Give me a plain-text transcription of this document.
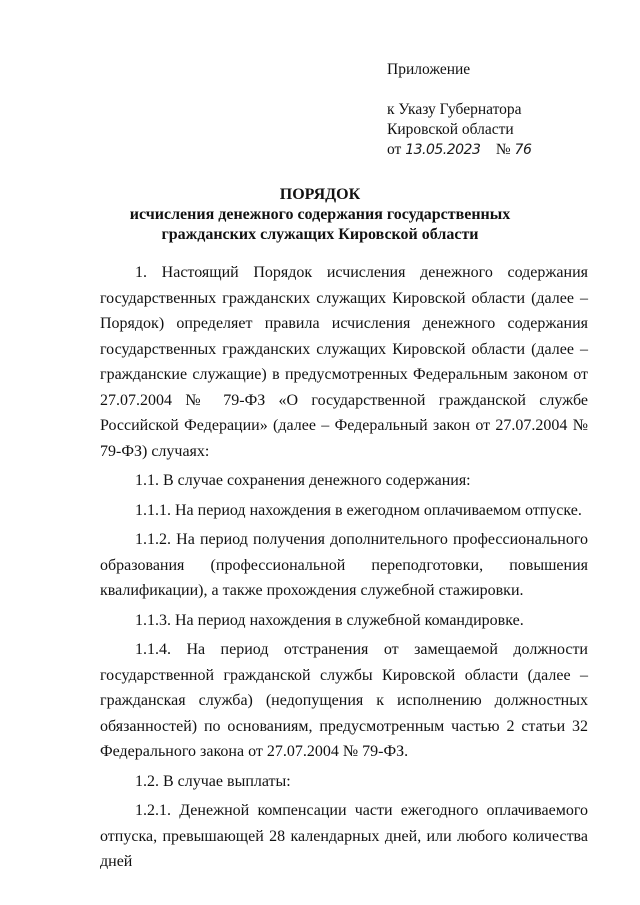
Приложение
к Указу Губернатора
Кировской области
от 13.05.2023 № 76
ПОРЯДОК
исчисления денежного содержания государственных
гражданских служащих Кировской области

1. Настоящий Порядок исчисления денежного содержания государственных гражданских служащих Кировской области (далее – Порядок) определяет правила исчисления денежного содержания государственных гражданских служащих Кировской области (далее – гражданские служащие) в предусмотренных Федеральным законом от 27.07.2004 № 79-ФЗ «О государственной гражданской службе Российской Федерации» (далее – Федеральный закон от 27.07.2004 № 79-ФЗ) случаях:

1.1. В случае сохранения денежного содержания:

1.1.1. На период нахождения в ежегодном оплачиваемом отпуске.

1.1.2. На период получения дополнительного профессионального образования (профессиональной переподготовки, повышения квалификации), а также прохождения служебной стажировки.

1.1.3. На период нахождения в служебной командировке.

1.1.4. На период отстранения от замещаемой должности государственной гражданской службы Кировской области (далее – гражданская служба) (недопущения к исполнению должностных обязанностей) по основаниям, предусмотренным частью 2 статьи 32 Федерального закона от 27.07.2004 № 79-ФЗ.

1.2. В случае выплаты:

1.2.1. Денежной компенсации части ежегодного оплачиваемого отпуска, превышающей 28 календарных дней, или любого количества дней
